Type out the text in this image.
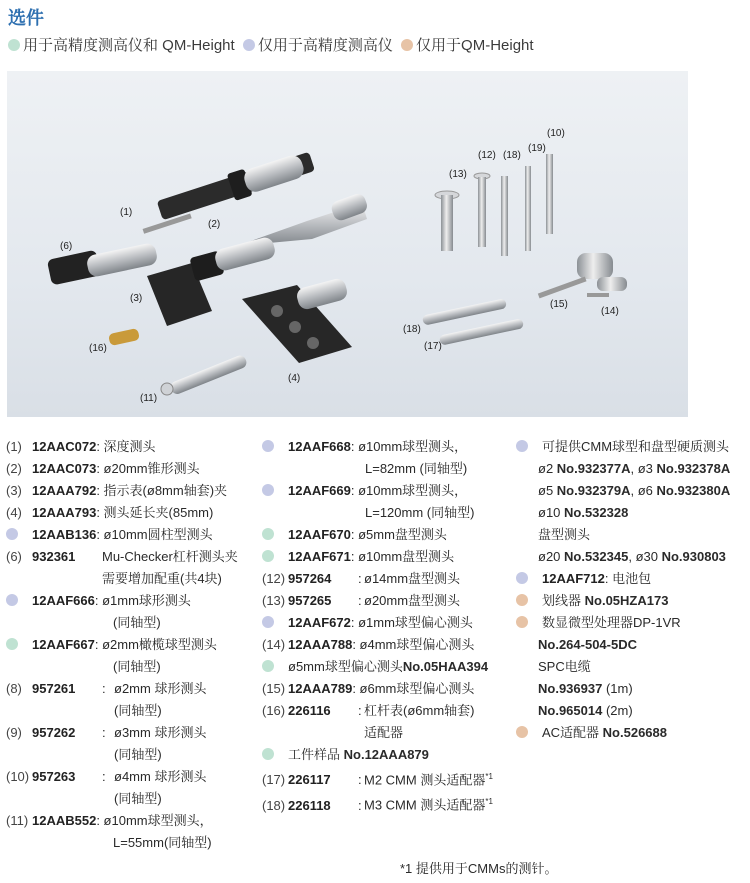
选件
用于高精度测高仪和 QM-Height 仅用于高精度测高仪 仅用于QM-Height
(1)
(2)
(3)
(4)
(6)
(16)
(11)
(13)
(12) (18)
(19)
(10)
(15)
(14)
(18)
(17)
(1) 12AAC072: 深度测头
(2) 12AAC073: ø20mm锥形测头
(3) 12AAA792: 指示表(ø8mm轴套)夹
(4) 12AAA793: 测头延长夹(85mm)
12AAB136: ø10mm圆柱型测头
(6) 932361 Mu-Checker杠杆测头夹
需要增加配重(共4块)
12AAF666: ø1mm球形测头
(同轴型)
12AAF667: ø2mm橄榄球型测头
(同轴型)
(8) 957261 : ø2mm 球形测头
(同轴型)
(9) 957262 : ø3mm 球形测头
(同轴型)
(10) 957263 : ø4mm 球形测头
(同轴型)
(11) 12AAB552: ø10mm球型测头，
L=55mm(同轴型)
12AAF668: ø10mm球型测头，
L=82mm (同轴型)
12AAF669: ø10mm球型测头，
L=120mm (同轴型)
12AAF670: ø5mm盘型测头
12AAF671: ø10mm盘型测头
(12) 957264 : ø14mm盘型测头
(13) 957265 : ø20mm盘型测头
12AAF672: ø1mm球型偏心测头
(14) 12AAA788: ø4mm球型偏心测头
ø5mm球型偏心测头No.05HAA394
(15) 12AAA789: ø6mm球型偏心测头
(16) 226116 : 杠杆表(ø6mm轴套)
适配器
工件样品 No.12AAA879
(17) 226117 : M2 CMM 测头适配器$^{*1}$
(18) 226118 : M3 CMM 测头适配器$^{*1}$
可提供CMM球型和盘型硬质测头
ø2 No.932377A, ø3 No.932378A
ø5 No.932379A, ø6 No.932380A
ø10 No.532328
盘型测头
ø20 No.532345, ø30 No.930803
12AAF712: 电池包
划线器 No.05HZA173
数显微型处理器DP-1VR
No.264-504-5DC
SPC电缆
No.936937 (1m)
No.965014 (2m)
AC适配器 No.526688
*1 提供用于CMMs的测针。
